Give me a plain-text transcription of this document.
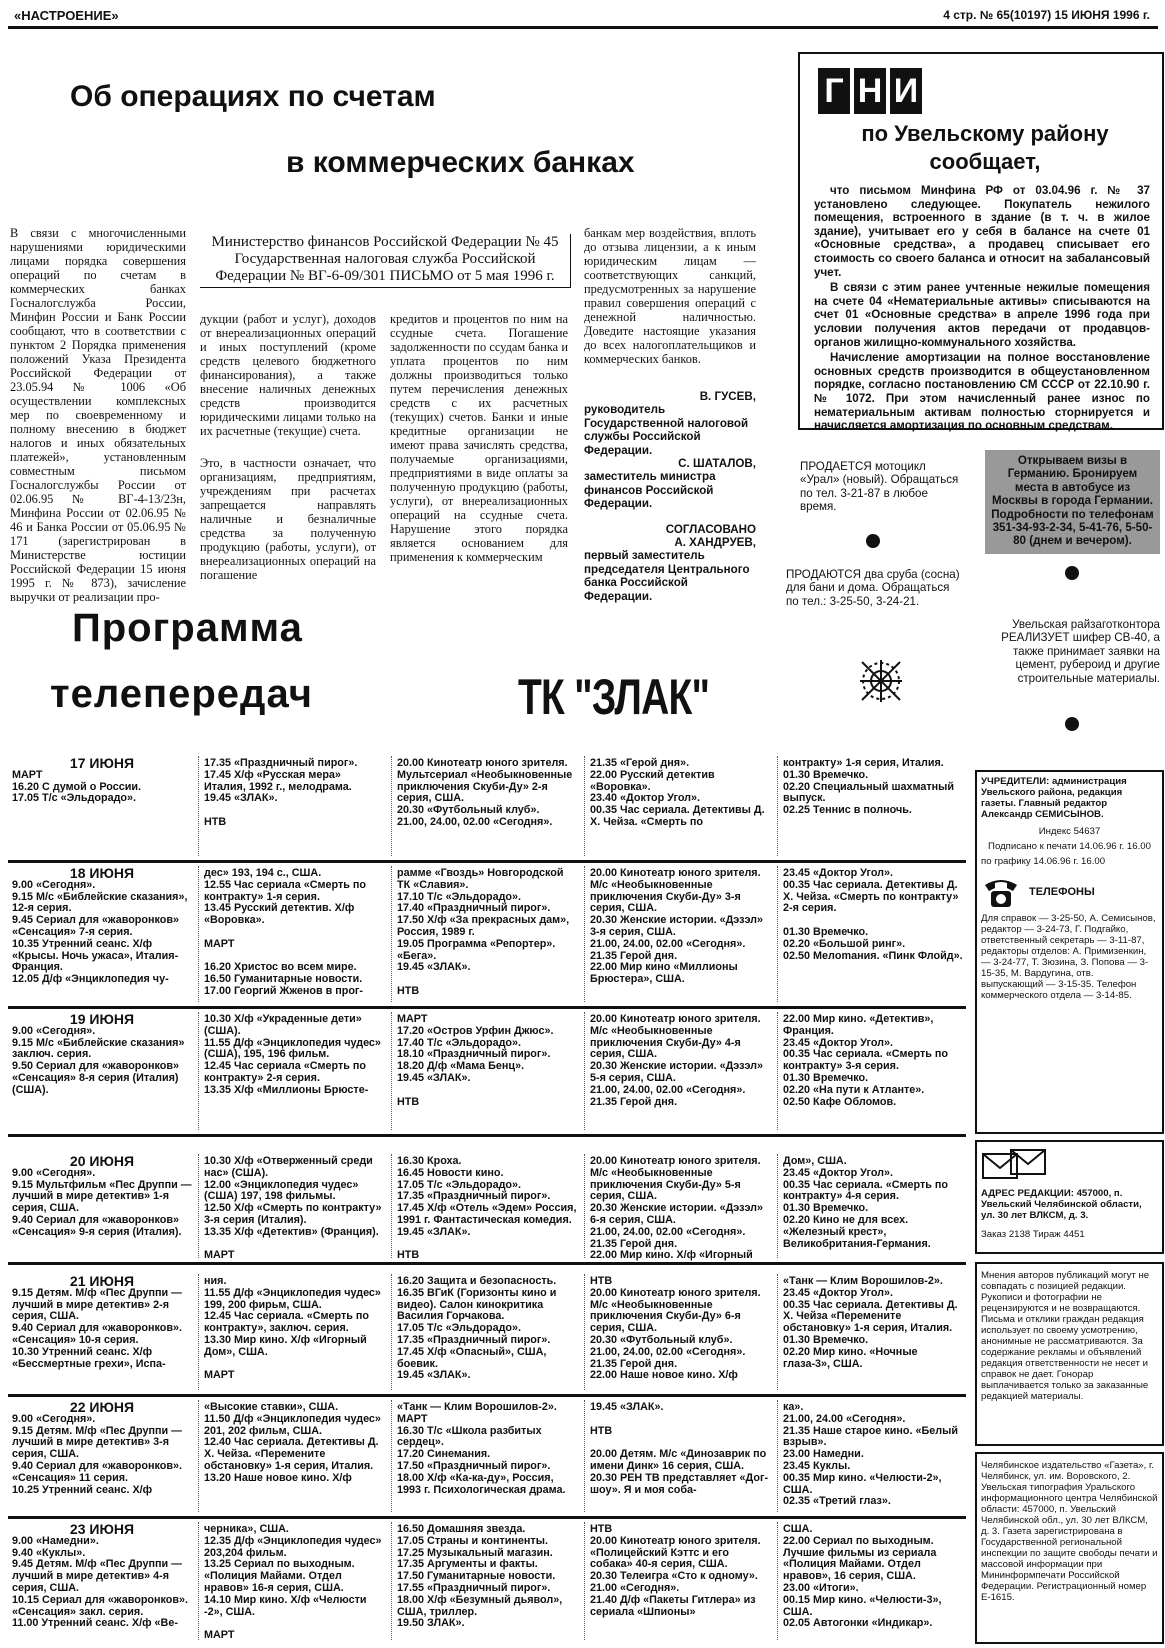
«НАСТРОЕНИЕ»	4 стр. № 65(10197) 15 ИЮНЯ 1996 г.
Об операциях по счетам
в коммерческих банках
В связи с многочисленными нарушениями юридическими лицами порядка совершения операций по счетам в коммерческих банках Госналогслужба России, Минфин России и Банк России сообщают, что в соответствии с пунктом 2 Порядка применения положений Указа Президента Российской Федерации от 23.05.94 № 1006 «Об осуществлении комплексных мер по своевременному и полному внесению в бюджет налогов и иных обязательных платежей», установленным совместным письмом Госналогслужбы России от 02.06.95 № ВГ-4-13/23н, Минфина России от 02.06.95 № 46 и Банка России от 05.06.95 № 171 (зарегистрирован в Министерстве юстиции Российской Федерации 15 июня 1995 г. № 873), зачисление выручки от реализации про-
Министерство финансов Российской Федерации № 45 Государственная налоговая служба Российской Федерации № ВГ-6-09/301 ПИСЬМО от 5 мая 1996 г.
дукции (работ и услуг), доходов от внереализационных операций и иных поступлений (кроме средств целевого бюджетного финансирования), а также внесение наличных денежных средств производится юридическими лицами только на их расчетные (текущие) счета.
Это, в частности означает, что организациям, предприятиям, учреждениям при расчетах запрещается направлять наличные и безналичные средства за полученную продукцию (работы, услуги), от внереализационных операций на погашение
кредитов и процентов по ним на ссудные счета. Погашение задолженности по ссудам банка и уплата процентов по ним должны производиться только путем перечисления денежных средств с их расчетных (текущих) счетов. Банки и иные кредитные организации не имеют права зачислять средства, получаемые организациями, предприятиями в виде оплаты за полученную продукцию (работы, услуги), от внереализационных операций на ссудные счета. Нарушение этого порядка является основанием для применения к коммерческим
банкам мер воздействия, вплоть до отзыва лицензии, а к иным юридическим лицам — соответствующих санкций, предусмотренных за нарушение правил совершения операций с денежной наличностью. Доведите настоящие указания до всех налогоплательщиков и коммерческих банков.
В. ГУСЕВ,
руководитель Государственной налоговой службы Российской Федерации.
С. ШАТАЛОВ,
заместитель министра финансов Российской Федерации.
СОГЛАСОВАНО
А. ХАНДРУЕВ,
первый заместитель председателя Центрального банка Российской Федерации.
Г Н И
по Увельскому району сообщает,

что письмом Минфина РФ от 03.04.96 г. № 37 установлено следующее. Покупатель нежилого помещения, встроенного в здание (в т. ч. в жилое здание), учитывает его у себя в балансе на счете 01 «Основные средства», а продавец списывает его стоимость со своего баланса и относит на забалансовый учет.

В связи с этим ранее учтенные нежилые помещения на счете 04 «Нематериальные активы» списываются на счет 01 «Основные средства» в апреле 1996 года при условии получения актов передачи от продавцов-органов жилищно-коммунального хозяйства.

Начисление амортизации на полное восстановление основных средств производится в общеустановленном порядке, согласно постановлению СМ СССР от 22.10.90 г. № 1072. При этом начисленный ранее износ по нематериальным активам полностью сторнируется и начисляется амортизация по основным средствам.

ПРОДАЕТСЯ мотоцикл «Урал» (новый). Обращаться по тел. 3-21-87 в любое время.
Открываем визы в Германию. Бронируем места в автобусе из Москвы в города Германии. Подробности по телефонам 351-34-93-2-34, 5-41-76, 5-50-80 (днем и вечером).
ПРОДАЮТСЯ два сруба (сосна) для бани и дома. Обращаться по тел.: 3-25-50, 3-24-21.
Увельская райзаготконтора РЕАЛИЗУЕТ шифер СВ-40, а также принимает заявки на цемент, рубероид и другие строительные материалы.
Программа
телепередач	ТК "ЗЛАК"
17 ИЮНЯ
МАРТ
16.20 С думой о России.
17.05 Т/с «Эльдорадо».
17.35 «Праздничный пирог».
17.45 Х/ф «Русская мера» Италия, 1992 г., мелодрама.
19.45 «ЗЛАК».

НТВ
20.00 Кинотеатр юного зрителя. Мультсериал «Необыкновенные приключения Скуби-Ду» 2-я серия, США.
20.30 «Футбольный клуб».
21.00, 24.00, 02.00 «Сегодня».
21.35 «Герой дня».
22.00 Русский детектив «Воровка».
23.40 «Доктор Угол».
00.35 Час сериала. Детективы Д. Х. Чейза. «Смерть по
контракту» 1-я серия, Италия.
01.30 Времечко.
02.20 Специальный шахматный выпуск.
02.25 Теннис в полночь.
18 ИЮНЯ
9.00 «Сегодня».
9.15 М/с «Библейские сказания», 12-я серия.
9.45 Сериал для «жаворонков» «Сенсация» 7-я серия.
10.35 Утренний сеанс. Х/ф «Крысы. Ночь ужаса», Италия-Франция.
12.05 Д/ф «Энциклопедия чу-
дес» 193, 194 с., США.
12.55 Час сериала «Смерть по контракту» 1-я серия.
13.45 Русский детектив. Х/ф «Воровка».

МАРТ

16.20 Христос во всем мире.
16.50 Гуманитарные новости.
17.00 Георгий Жженов в прог-
рамме «Гвоздь» Новгородской ТК «Славия».
17.10 Т/с «Эльдорадо».
17.40 «Праздничный пирог».
17.50 Х/ф «За прекрасных дам», Россия, 1989 г.
19.05 Программа «Репортер». «Бега».
19.45 «ЗЛАК».

НТВ
20.00 Кинотеатр юного зрителя. М/с «Необыкновенные приключения Скуби-Ду» 3-я серия, США.
20.30 Женские истории. «Дэзэл» 3-я серия, США.
21.00, 24.00, 02.00 «Сегодня».
21.35 Герой дня.
22.00 Мир кино «Миллионы Брюстера», США.
23.45 «Доктор Угол».
00.35 Час сериала. Детективы Д. Х. Чейза. «Смерть по контракту» 2-я серия.

01.30 Времечко.
02.20 «Большой ринг».
02.50 Мелomания. «Пинк Флойд».
19 ИЮНЯ
9.00 «Сегодня».
9.15 М/с «Библейские сказания» заключ. серия.
9.50 Сериал для «жаворонков» «Сенсация» 8-я серия (Италия) (США).
10.30 Х/ф «Украденные дети» (США).
11.55 Д/ф «Энциклопедия чудес» (США), 195, 196 фильм.
12.45 Час сериала «Смерть по контракту» 2-я серия.
13.35 Х/ф «Миллионы Брюсте-
МАРТ
17.20 «Остров Урфин Джюс».
17.40 Т/с «Эльдорадо».
18.10 «Праздничный пирог».
18.20 Д/ф «Мама Бенц».
19.45 «ЗЛАК».

НТВ
20.00 Кинотеатр юного зрителя. М/с «Необыкновенные приключения Скуби-Ду» 4-я серия, США.
20.30 Женские истории. «Дэзэл» 5-я серия, США.
21.00, 24.00, 02.00 «Сегодня».
21.35 Герой дня.
22.00 Мир кино. «Детектив», Франция.
23.45 «Доктор Угол».
00.35 Час сериала. «Смерть по контракту» 3-я серия.
01.30 Времечко.
02.20 «На пути к Атланте».
02.50 Кафе Обломов.
20 ИЮНЯ
9.00 «Сегодня».
9.15 Мультфильм «Пес Друппи — лучший в мире детектив» 1-я серия, США.
9.40 Сериал для «жаворонков» «Сенсация» 9-я серия (Италия).
10.30 Х/ф «Отверженный среди нас» (США).
12.00 «Энциклопедия чудес» (США) 197, 198 фильмы.
12.50 Х/ф «Смерть по контракту» 3-я серия (Италия).
13.35 Х/ф «Детектив» (Франция).

МАРТ
16.30 Кроха.
16.45 Новости кино.
17.05 Т/с «Эльдорадо».
17.35 «Праздничный пирог».
17.45 Х/ф «Отель «Эдем» Россия, 1991 г. Фантастическая комедия.
19.45 «ЗЛАК».

НТВ
20.00 Кинотеатр юного зрителя. М/с «Необыкновенные приключения Скуби-Ду» 5-я серия, США.
20.30 Женские истории. «Дэзэл» 6-я серия, США.
21.00, 24.00, 02.00 «Сегодня».
21.35 Герой дня.
22.00 Мир кино. Х/ф «Игорный
Дом», США.
23.45 «Доктор Угол».
00.35 Час сериала. «Смерть по контракту» 4-я серия.
01.30 Времечко.
02.20 Кино не для всех. «Железный крест», Великобритания-Германия.
21 ИЮНЯ
9.15 Детям. М/ф «Пес Друппи — лучший в мире детектив» 2-я серия, США.
9.40 Сериал для «жаворонков». «Сенсация» 10-я серия.
10.30 Утренний сеанс. Х/ф «Бессмертные грехи», Испа-
ния.
11.55 Д/ф «Энциклопедия чудес» 199, 200 фирьм, США.
12.45 Час сериала. «Смерть по контракту», заключ. серия.
13.30 Мир кино. Х/ф «Игорный Дом», США.

МАРТ
16.20 Защита и безопасность.
16.35 ВГиК (Горизонты кино и видео). Салон кинокритика Василия Горчакова.
17.05 Т/с «Эльдорадо».
17.35 «Праздничный пирог».
17.45 Х/ф «Опасный», США, боевик.
19.45 «ЗЛАК».
НТВ
20.00 Кинотеатр юного зрителя. М/с «Необыкновенные приключения Скуби-Ду» 6-я серия, США.
20.30 «Футбольный клуб».
21.00, 24.00, 02.00 «Сегодня».
21.35 Герой дня.
22.00 Наше новое кино. Х/ф
«Танк — Клим Ворошилов-2».
23.45 «Доктор Угол».
00.35 Час сериала. Детективы Д. Х. Чейза «Перемените обстановку» 1-я серия, Италия.
01.30 Времечко.
02.20 Мир кино. «Ночные глаза-3», США.
22 ИЮНЯ
9.00 «Сегодня».
9.15 Детям. М/ф «Пес Друппи — лучший в мире детектив» 3-я серия, США.
9.40 Сериал для «жаворонков». «Сенсация» 11 серия.
10.25 Утренний сеанс. Х/ф
«Высокие ставки», США.
11.50 Д/ф «Энциклопедия чудес» 201, 202 фильм, США.
12.40 Час сериала. Детективы Д. Х. Чейза. «Перемените обстановку» 1-я серия, Италия.
13.20 Наше новое кино. Х/ф
«Танк — Клим Ворошилов-2».
МАРТ
16.30 Т/с «Школа разбитых сердец».
17.20 Синемания.
17.50 «Праздничный пирог».
18.00 Х/ф «Ка-ка-ду», Россия, 1993 г. Психологическая драма.
19.45 «ЗЛАК».

НТВ

20.00 Детям. М/с «Динозаврик по имени Динк» 16 серия, США.
20.30 РЕН ТВ представляет «Дог-шоу». Я и моя соба-
ка».
21.00, 24.00 «Сегодня».
21.35 Наше старое кино. «Белый взрыв».
23.00 Намедни.
23.45 Куклы.
00.35 Мир кино. «Челюсти-2», США.
02.35 «Третий глаз».
23 ИЮНЯ
9.00 «Намедни».
9.40 «Куклы».
9.45 Детям. М/ф «Пес Друппи — лучший в мире детектив» 4-я серия, США.
10.15 Сериал для «жаворонков». «Сенсация» закл. серия.
11.00 Утренний сеанс. Х/ф «Ве-
черника», США.
12.35 Д/ф «Энциклопедия чудес» 203,204 фильм.
13.25 Сериал по выходным. «Полиция Майами. Отдел нравов» 16-я серия, США.
14.10 Мир кино. Х/ф «Челюсти -2», США.

МАРТ
16.50 Домашняя звезда.
17.05 Страны и континенты.
17.25 Музыкальный магазин.
17.35 Аргументы и факты.
17.50 Гуманитарные новости.
17.55 «Праздничный пирог».
18.00 Х/ф «Безумный дьявол», США, триллер.
19.50 ЗЛАК».
НТВ
20.00 Кинотеатр юного зрителя. «Полицейский Кэттс и его собака» 40-я серия, США.
20.30 Телеигра «Сто к одному».
21.00 «Сегодня».
21.40 Д/ф «Пакеты Гитлера» из сериала «Шпионы»
США.
22.00 Сериал по выходным. Лучшие фильмы из сериала «Полиция Майами. Отдел нравов», 16 серия, США.
23.00 «Итоги».
00.15 Мир кино. «Челюсти-3», США.
02.05 Автогонки «Индикар».
УЧРЕДИТЕЛИ: администрация Увельского района, редакция газеты. Главный редактор Александр СЕМИСЫНОВ.
Индекс 54637
Подписано к печати 14.06.96 г. 16.00
по графику 14.06.96 г. 16.00
ТЕЛЕФОНЫ
Для справок — 3-25-50, А. Семисынов, редактор — 3-24-73, Г. Подгайко, ответственный секретарь — 3-11-87, редакторы отделов: А. Примизенкин, — 3-24-77, Т. Зюзина, З. Попова — 3-15-35, М. Вардугина, отв. выпускающий — 3-15-35. Телефон коммерческого отдела — 3-14-85.
АДРЕС РЕДАКЦИИ: 457000, п. Увельский Челябинской области, ул. 30 лет ВЛКСМ, д. 3.
Заказ 2138 Тираж 4451
Мнения авторов публикаций могут не совпадать с позицией редакции. Рукописи и фотографии не рецензируются и не возвращаются. Письма и отклики граждан редакция использует по своему усмотрению, анонимные не рассматриваются. За содержание рекламы и объявлений редакция ответственности не несет и справок не дает. Гонорар выплачивается только за заказанные редакцией материалы.
Челябинское издательство «Газета», г. Челябинск, ул. им. Воровского, 2. Увельская типография Уральского информационного центра Челябинской области: 457000, п. Увельский Челябинской обл., ул. 30 лет ВЛКСМ, д. 3. Газета зарегистрирована в Государственной региональной инспекции по защите свободы печати и массовой информации при Мининформпечати Российской Федерации. Регистрационный номер Е-1615.
